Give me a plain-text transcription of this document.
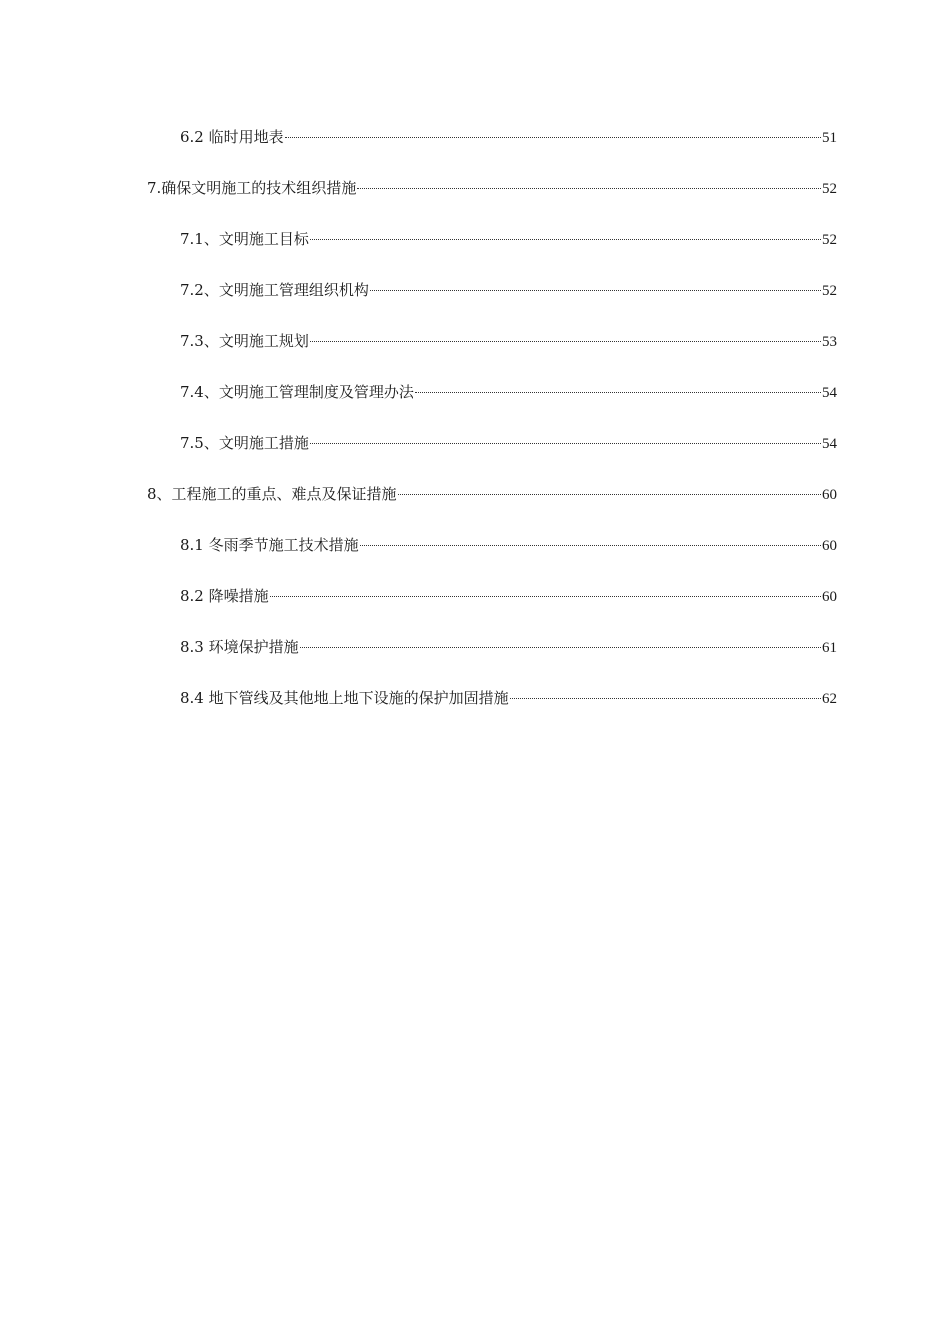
6.2 临时用地表	51
7.确保文明施工的技术组织措施	52
7.1、文明施工目标	52
7.2、文明施工管理组织机构	52
7.3、文明施工规划	53
7.4、文明施工管理制度及管理办法	54
7.5、文明施工措施	54
8、工程施工的重点、难点及保证措施	60
8.1 冬雨季节施工技术措施	60
8.2 降噪措施	60
8.3 环境保护措施	61
8.4 地下管线及其他地上地下设施的保护加固措施	62
